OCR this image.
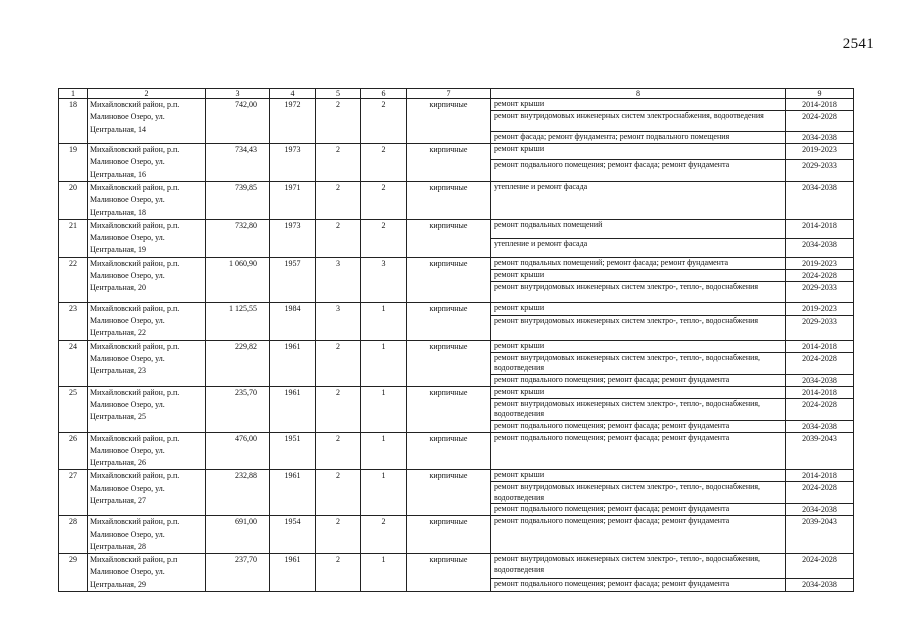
2541
1	2	3	4	5	6	7	8	9
18	Михайловский район, р.п.
Малиновое Озеро, ул.
Центральная, 14	742,00	1972	2	2	кирпичные	ремонт крыши	2014-2018
							ремонт внутридомовых инженерных систем электроснабжения, водоотведения	2024-2028
							ремонт фасада; ремонт фундамента; ремонт подвального помещения	2034-2038
19	Михайловский район, р.п.
Малиновое Озеро, ул.
Центральная, 16	734,43	1973	2	2	кирпичные	ремонт крыши	2019-2023
							ремонт подвального помещения; ремонт фасада; ремонт фундамента	2029-2033
20	Михайловский район, р.п.
Малиновое Озеро, ул.
Центральная, 18	739,85	1971	2	2	кирпичные	утепление и ремонт фасада	2034-2038
21	Михайловский район, р.п.
Малиновое Озеро, ул.
Центральная, 19	732,80	1973	2	2	кирпичные	ремонт подвальных помещений	2014-2018
							утепление и ремонт фасада	2034-2038
22	Михайловский район, р.п.
Малиновое Озеро, ул.
Центральная, 20	1 060,90	1957	3	3	кирпичные	ремонт подвальных помещений; ремонт фасада; ремонт фундамента	2019-2023
							ремонт крыши	2024-2028
							ремонт внутридомовых инженерных систем электро-, тепло-, водоснабжения	2029-2033
23	Михайловский район, р.п.
Малиновое Озеро, ул.
Центральная, 22	1 125,55	1984	3	1	кирпичные	ремонт крыши	2019-2023
							ремонт внутридомовых инженерных систем электро-, тепло-, водоснабжения	2029-2033
24	Михайловский район, р.п.
Малиновое Озеро, ул.
Центральная, 23	229,82	1961	2	1	кирпичные	ремонт крыши	2014-2018
							ремонт внутридомовых инженерных систем электро-, тепло-, водоснабжения, водоотведения	2024-2028
							ремонт подвального помещения; ремонт фасада; ремонт фундамента	2034-2038
25	Михайловский район, р.п.
Малиновое Озеро, ул.
Центральная, 25	235,70	1961	2	1	кирпичные	ремонт крыши	2014-2018
							ремонт внутридомовых инженерных систем электро-, тепло-, водоснабжения, водоотведения	2024-2028
							ремонт подвального помещения; ремонт фасада; ремонт фундамента	2034-2038
26	Михайловский район, р.п.
Малиновое Озеро, ул.
Центральная, 26	476,00	1951	2	1	кирпичные	ремонт подвального помещения; ремонт фасада; ремонт фундамента	2039-2043
27	Михайловский район, р.п.
Малиновое Озеро, ул.
Центральная, 27	232,88	1961	2	1	кирпичные	ремонт крыши	2014-2018
							ремонт внутридомовых инженерных систем электро-, тепло-, водоснабжения, водоотведения	2024-2028
							ремонт подвального помещения; ремонт фасада; ремонт фундамента	2034-2038
28	Михайловский район, р.п.
Малиновое Озеро, ул.
Центральная, 28	691,00	1954	2	2	кирпичные	ремонт подвального помещения; ремонт фасада; ремонт фундамента	2039-2043
29	Михайловский район, р.п
Малиновое Озеро, ул.
Центральная, 29	237,70	1961	2	1	кирпичные	ремонт внутридомовых инженерных систем электро-, тепло-, водоснабжения, водоотведения	2024-2028
							ремонт подвального помещения; ремонт фасада; ремонт фундамента	2034-2038
